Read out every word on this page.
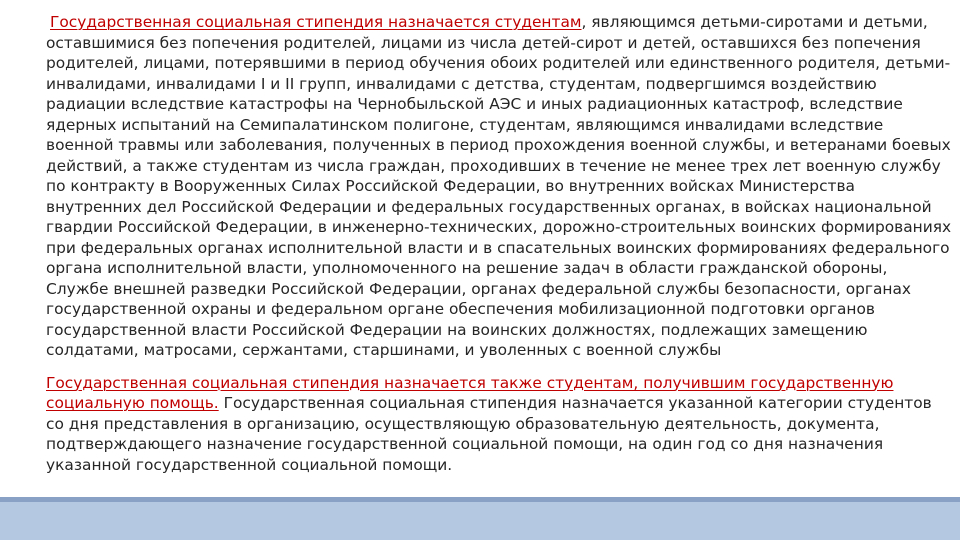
Государственная социальная стипендия назначается студентам, являющимся детьми-сиротами и детьми, оставшимися без попечения родителей, лицами из числа детей-сирот и детей, оставшихся без попечения родителей, лицами, потерявшими в период обучения обоих родителей или единственного родителя, детьми-инвалидами, инвалидами I и II групп, инвалидами с детства, студентам, подвергшимся воздействию радиации вследствие катастрофы на Чернобыльской АЭС и иных радиационных катастроф, вследствие ядерных испытаний на Семипалатинском полигоне, студентам, являющимся инвалидами вследствие военной травмы или заболевания, полученных в период прохождения военной службы, и ветеранами боевых действий, а также студентам из числа граждан, проходивших в течение не менее трех лет военную службу по контракту в Вооруженных Силах Российской Федерации, во внутренних войсках Министерства внутренних дел Российской Федерации и федеральных государственных органах, в войсках национальной гвардии Российской Федерации, в инженерно-технических, дорожно-строительных воинских формированиях при федеральных органах исполнительной власти и в спасательных воинских формированиях федерального органа исполнительной власти, уполномоченного на решение задач в области гражданской обороны, Службе внешней разведки Российской Федерации, органах федеральной службы безопасности, органах государственной охраны и федеральном органе обеспечения мобилизационной подготовки органов государственной власти Российской Федерации на воинских должностях, подлежащих замещению солдатами, матросами, сержантами, старшинами, и уволенных с военной службы

Государственная социальная стипендия назначается также студентам, получившим государственную социальную помощь. Государственная социальная стипендия назначается указанной категории студентов со дня представления в организацию, осуществляющую образовательную деятельность, документа, подтверждающего назначение государственной социальной помощи, на один год со дня назначения указанной государственной социальной помощи.
